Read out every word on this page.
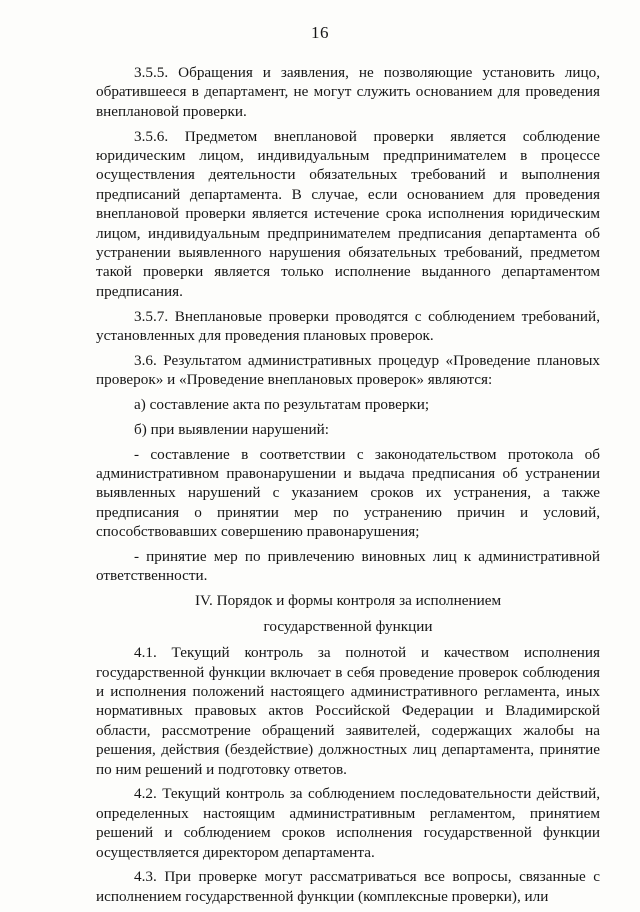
16

3.5.5. Обращения и заявления, не позволяющие установить лицо, обратившееся в департамент, не могут служить основанием для проведения внеплановой проверки.

3.5.6. Предметом внеплановой проверки является соблюдение юридическим лицом, индивидуальным предпринимателем в процессе осуществления деятельности обязательных требований и выполнения предписаний департамента. В случае, если основанием для проведения внеплановой проверки является истечение срока исполнения юридическим лицом, индивидуальным предпринимателем предписания департамента об устранении выявленного нарушения обязательных требований, предметом такой проверки является только исполнение выданного департаментом предписания.

3.5.7. Внеплановые проверки проводятся с соблюдением требований, установленных для проведения плановых проверок.

3.6. Результатом административных процедур «Проведение плановых проверок» и «Проведение внеплановых проверок» являются:

а) составление акта по результатам проверки;

б) при выявлении нарушений:

- составление в соответствии с законодательством протокола об административном правонарушении и выдача предписания об устранении выявленных нарушений с указанием сроков их устранения, а также предписания о принятии мер по устранению причин и условий, способствовавших совершению правонарушения;

- принятие мер по привлечению виновных лиц к административной ответственности.

IV. Порядок и формы контроля за исполнением

государственной функции

4.1. Текущий контроль за полнотой и качеством исполнения государственной функции включает в себя проведение проверок соблюдения и исполнения положений настоящего административного регламента, иных нормативных правовых актов Российской Федерации и Владимирской области, рассмотрение обращений заявителей, содержащих жалобы на решения, действия (бездействие) должностных лиц департамента, принятие по ним решений и подготовку ответов.

4.2. Текущий контроль за соблюдением последовательности действий, определенных настоящим административным регламентом, принятием решений и соблюдением сроков исполнения государственной функции осуществляется директором департамента.

4.3. При проверке могут рассматриваться все вопросы, связанные с исполнением государственной функции (комплексные проверки), или
